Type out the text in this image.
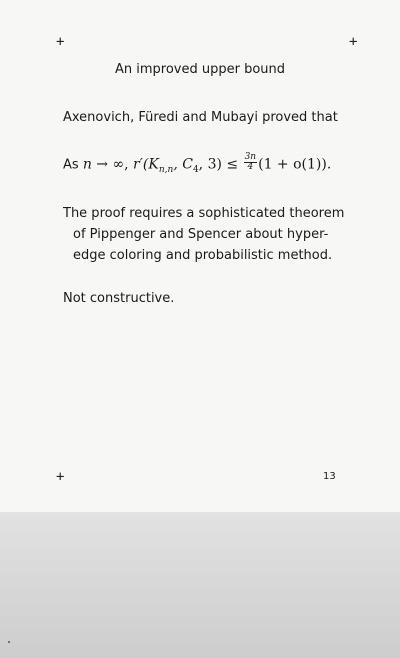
+	+
An improved upper bound
Axenovich, Füredi and Mubayi proved that
As n → ∞, $r'(K_{n,n}$, $C_4$, $3) \le \frac{3n}{4} (1 + o(1))$.
The proof requires a sophisticated theorem
of Pippenger and Spencer about hyper-
edge coloring and probabilistic method.
Not constructive.
+	13
